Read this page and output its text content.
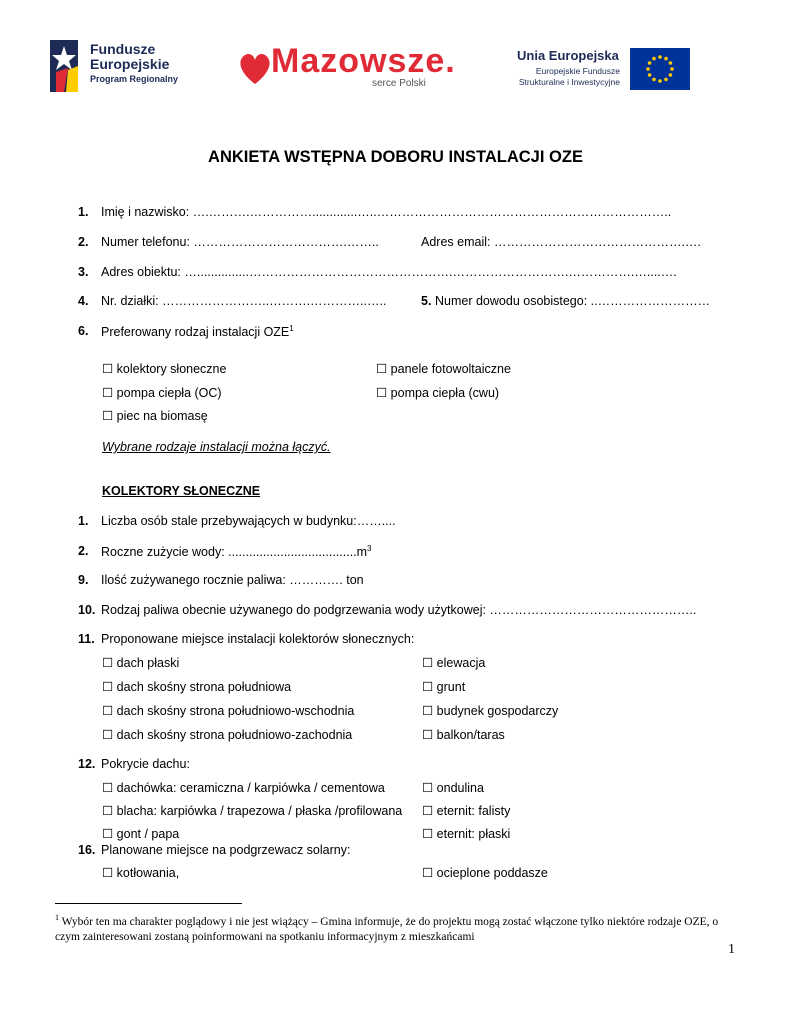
Fundusze
Europejskie
Program Regionalny	Mazowsze.
serce Polski
Unia Europejska
Europejskie Fundusze
Strukturalne i Inwestycyjne
ANKIETA WSTĘPNA DOBORU INSTALACJI OZE
1. Imię i nazwisko: ….……….…………….............…..……………………………………………………………..
2. Numer telefonu: ……………………………….……..	Adres email: ……………………………………….….
3. Adres obiektu: …...............………………………………………….……………………….…………….…....….
4. Nr. działki: ……………………..……….…………..…..	5. Numer dowodu osobistego: ..………………………
6. Preferowany rodzaj instalacji OZE$^1$
☐ kolektory słoneczne	☐ panele fotowoltaiczne
☐ pompa ciepła (OC)	☐ pompa ciepła (cwu)
☐ piec na biomasę
Wybrane rodzaje instalacji można łączyć.
KOLEKTORY SŁONECZNE
1. Liczba osób stale przebywających w budynku:……....
2. Roczne zużycie wody: $.....................................m^3$
9. Ilość zużywanego rocznie paliwa: …………. ton
10. Rodzaj paliwa obecnie używanego do podgrzewania wody użytkowej: …………………………………………..
11. Proponowane miejsce instalacji kolektorów słonecznych:
☐ dach płaski	☐ elewacja
☐ dach skośny strona południowa	☐ grunt
☐ dach skośny strona południowo-wschodnia	☐ budynek gospodarczy
☐ dach skośny strona południowo-zachodnia	☐ balkon/taras
12. Pokrycie dachu:
☐ dachówka: ceramiczna / karpiówka / cementowa	☐ ondulina
☐ blacha: karpiówka / trapezowa / płaska /profilowana ☐ eternit: falisty
☐ gont / papa	☐ eternit: płaski
16. Planowane miejsce na podgrzewacz solarny:
☐ kotłowania,	☐ ocieplone poddasze
$^1$ Wybór ten ma charakter poglądowy i nie jest wiążący – Gmina informuje, że do projektu mogą zostać włączone tylko niektóre rodzaje OZE, o czym zainteresowani zostaną poinformowani na spotkaniu informacyjnym z mieszkańcami
1
